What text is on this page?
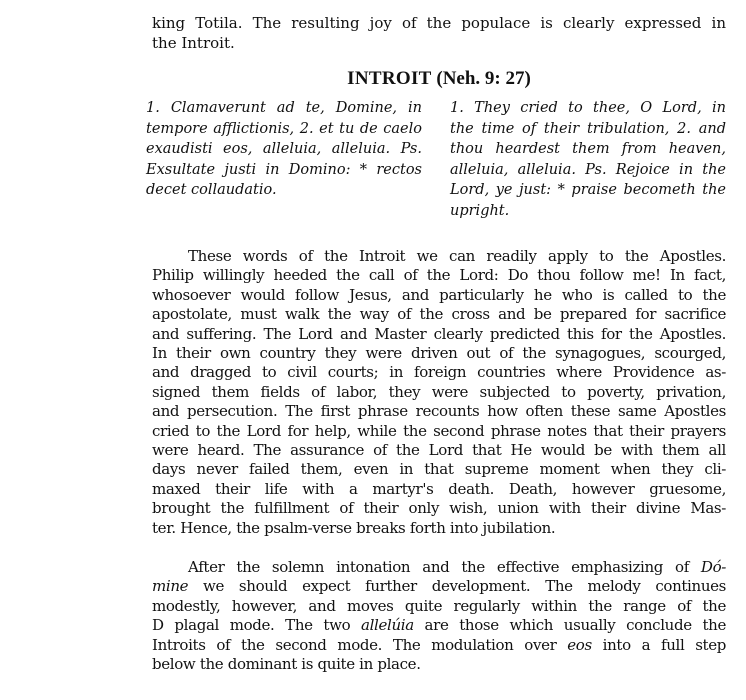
king Totila. The resulting joy of the populace is clearly expressed in
the Introit.
INTROIT (Neh. 9: 27)
1. Clamaverunt ad te, Domine, in
tempore afflictionis, 2. et tu de caelo
exaudisti eos, alleluia, alleluia. Ps.
Exsultate justi in Domino: * rectos
decet collaudatio.
1. They cried to thee, O Lord, in
the time of their tribulation, 2. and
thou heardest them from heaven,
alleluia, alleluia. Ps. Rejoice in the
Lord, ye just: * praise becometh the
upright.
These words of the Introit we can readily apply to the Apostles.
Philip willingly heeded the call of the Lord: Do thou follow me! In fact,
whosoever would follow Jesus, and particularly he who is called to the
apostolate, must walk the way of the cross and be prepared for sacrifice
and suffering. The Lord and Master clearly predicted this for the Apostles.
In their own country they were driven out of the synagogues, scourged,
and dragged to civil courts; in foreign countries where Providence as-
signed them fields of labor, they were subjected to poverty, privation,
and persecution. The first phrase recounts how often these same Apostles
cried to the Lord for help, while the second phrase notes that their prayers
were heard. The assurance of the Lord that He would be with them all
days never failed them, even in that supreme moment when they cli-
maxed their life with a martyr's death. Death, however gruesome,
brought the fulfillment of their only wish, union with their divine Mas-
ter. Hence, the psalm-verse breaks forth into jubilation.
After the solemn intonation and the effective emphasizing of Dó-
mine we should expect further development. The melody continues
modestly, however, and moves quite regularly within the range of the
D plagal mode. The two allelúia are those which usually conclude the
Introits of the second mode. The modulation over eos into a full step
below the dominant is quite in place.
